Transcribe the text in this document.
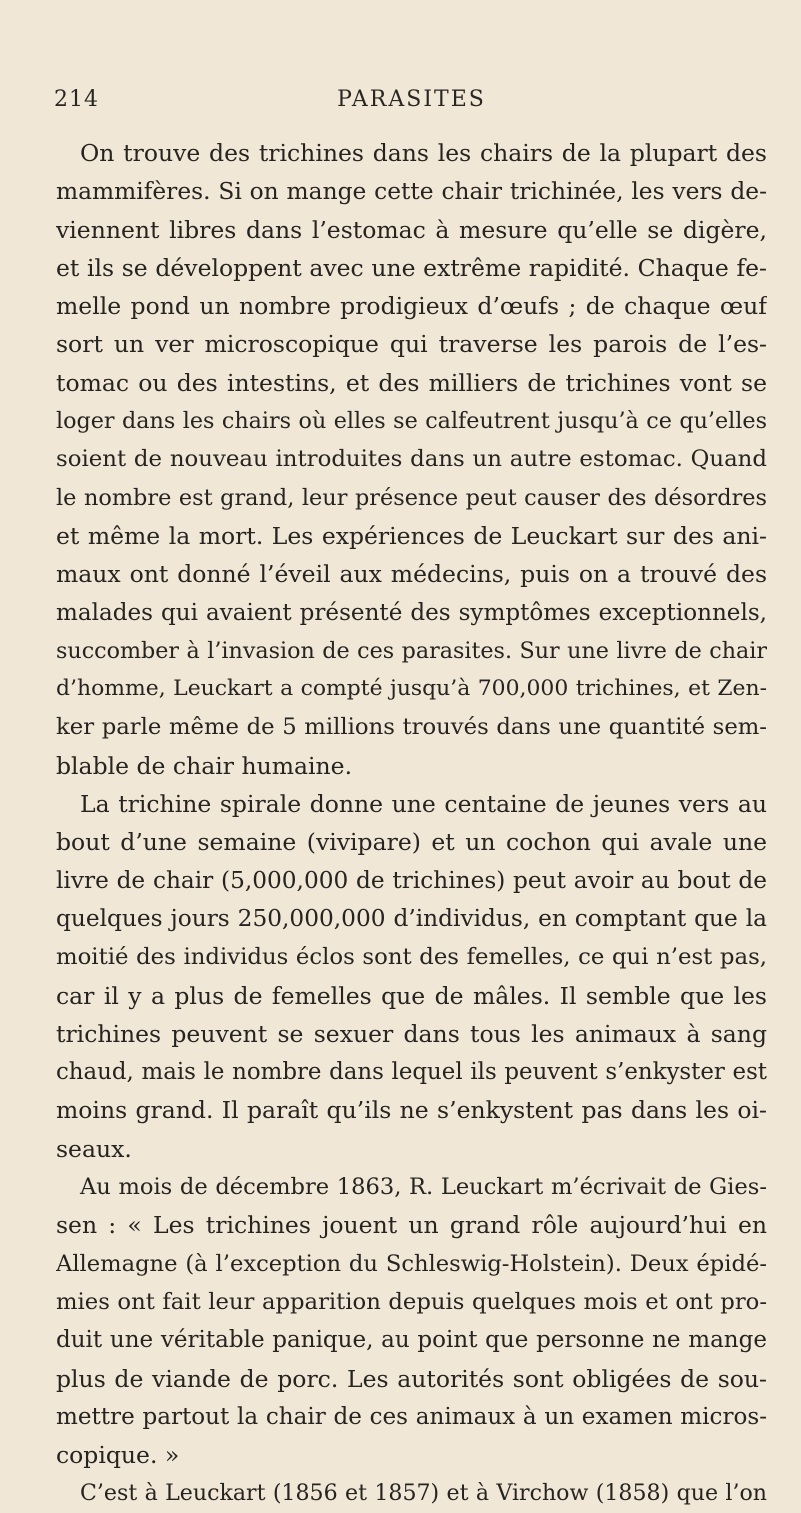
214	PARASITES
On trouve des trichines dans les chairs de la plupart des
mammifères. Si on mange cette chair trichinée, les vers de-
viennent libres dans l’estomac à mesure qu’elle se digère,
et ils se développent avec une extrême rapidité. Chaque fe-
melle pond un nombre prodigieux d’œufs ; de chaque œuf
sort un ver microscopique qui traverse les parois de l’es-
tomac ou des intestins, et des milliers de trichines vont se
loger dans les chairs où elles se calfeutrent jusqu’à ce qu’elles
soient de nouveau introduites dans un autre estomac. Quand
le nombre est grand, leur présence peut causer des désordres
et même la mort. Les expériences de Leuckart sur des ani-
maux ont donné l’éveil aux médecins, puis on a trouvé des
malades qui avaient présenté des symptômes exceptionnels,
succomber à l’invasion de ces parasites. Sur une livre de chair
d’homme, Leuckart a compté jusqu’à 700,000 trichines, et Zen-
ker parle même de 5 millions trouvés dans une quantité sem-
blable de chair humaine.
La trichine spirale donne une centaine de jeunes vers au
bout d’une semaine (vivipare) et un cochon qui avale une
livre de chair (5,000,000 de trichines) peut avoir au bout de
quelques jours 250,000,000 d’individus, en comptant que la
moitié des individus éclos sont des femelles, ce qui n’est pas,
car il y a plus de femelles que de mâles. Il semble que les
trichines peuvent se sexuer dans tous les animaux à sang
chaud, mais le nombre dans lequel ils peuvent s’enkyster est
moins grand. Il paraît qu’ils ne s’enkystent pas dans les oi-
seaux.
Au mois de décembre 1863, R. Leuckart m’écrivait de Gies-
sen : « Les trichines jouent un grand rôle aujourd’hui en
Allemagne (à l’exception du Schleswig-Holstein). Deux épidé-
mies ont fait leur apparition depuis quelques mois et ont pro-
duit une véritable panique, au point que personne ne mange
plus de viande de porc. Les autorités sont obligées de sou-
mettre partout la chair de ces animaux à un examen micros-
copique. »
C’est à Leuckart (1856 et 1857) et à Virchow (1858) que l’on
